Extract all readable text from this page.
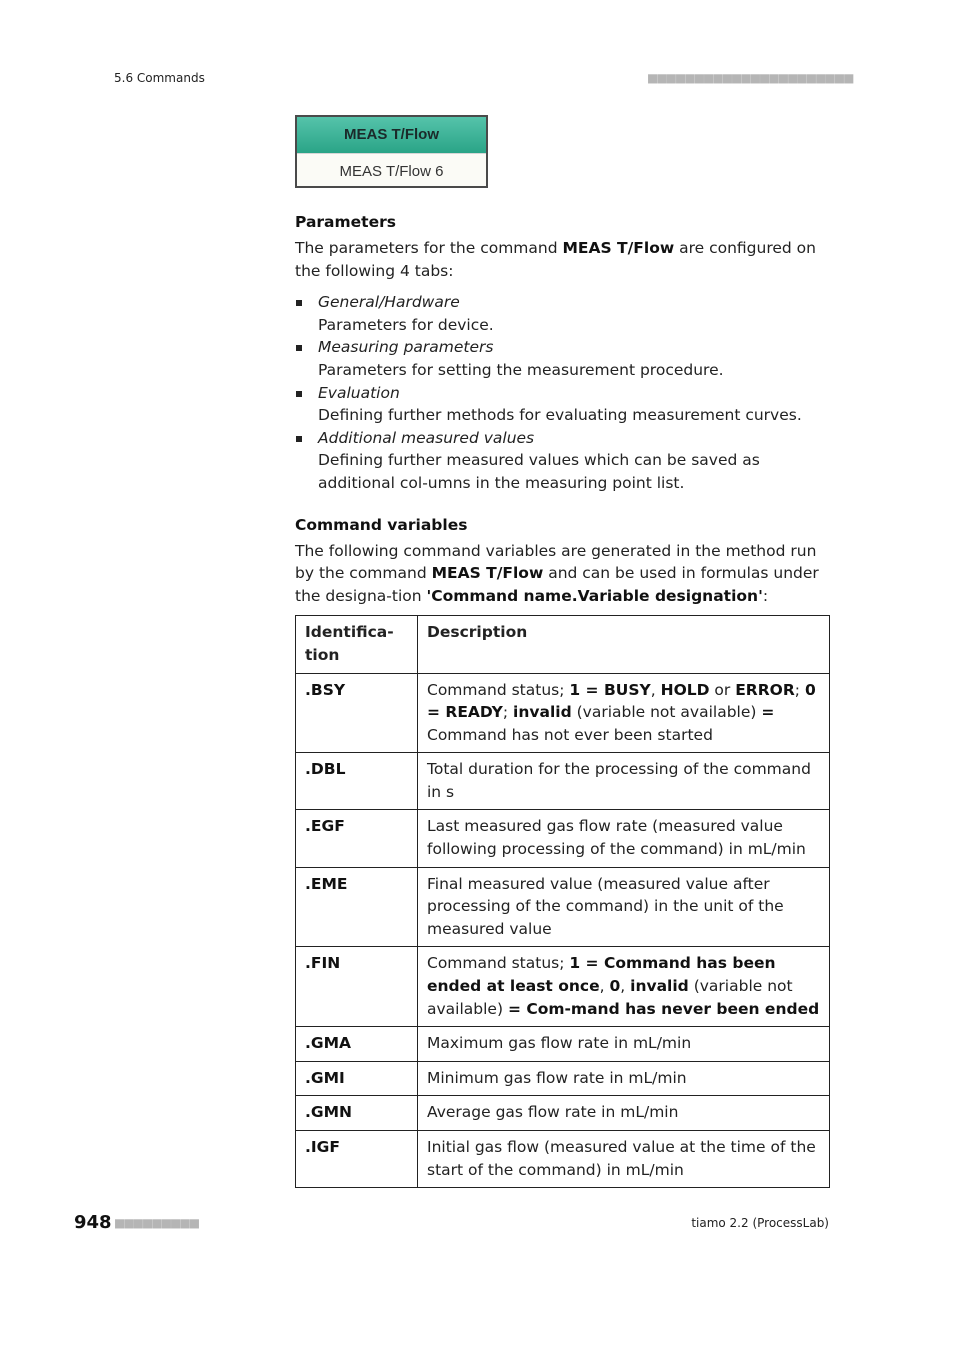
5.6 Commands	■■■■■■■■■■■■■■■■■■■■■■
MEAS T/Flow
MEAS T/Flow 6
Parameters

The parameters for the command MEAS T/Flow are configured on the following 4 tabs:

General/Hardware
Parameters for device.
Measuring parameters
Parameters for setting the measurement procedure.
Evaluation
Defining further methods for evaluating measurement curves.
Additional measured values
Defining further measured values which can be saved as additional col-umns in the measuring point list.
Command variables

The following command variables are generated in the method run by the command MEAS T/Flow and can be used in formulas under the designa-tion 'Command name.Variable designation':

Identifica-tion	Description
.BSY	Command status; 1 = BUSY, HOLD or ERROR; 0 = READY; invalid (variable not available) = Command has not ever been started
.DBL	Total duration for the processing of the command in s
.EGF	Last measured gas flow rate (measured value following processing of the command) in mL/min
.EME	Final measured value (measured value after processing of the command) in the unit of the measured value
.FIN	Command status; 1 = Command has been ended at least once, 0, invalid (variable not available) = Com-mand has never been ended
.GMA	Maximum gas flow rate in mL/min
.GMI	Minimum gas flow rate in mL/min
.GMN	Average gas flow rate in mL/min
.IGF	Initial gas flow (measured value at the time of the start of the command) in mL/min
948 ■■■■■■■■■	tiamo 2.2 (ProcessLab)
